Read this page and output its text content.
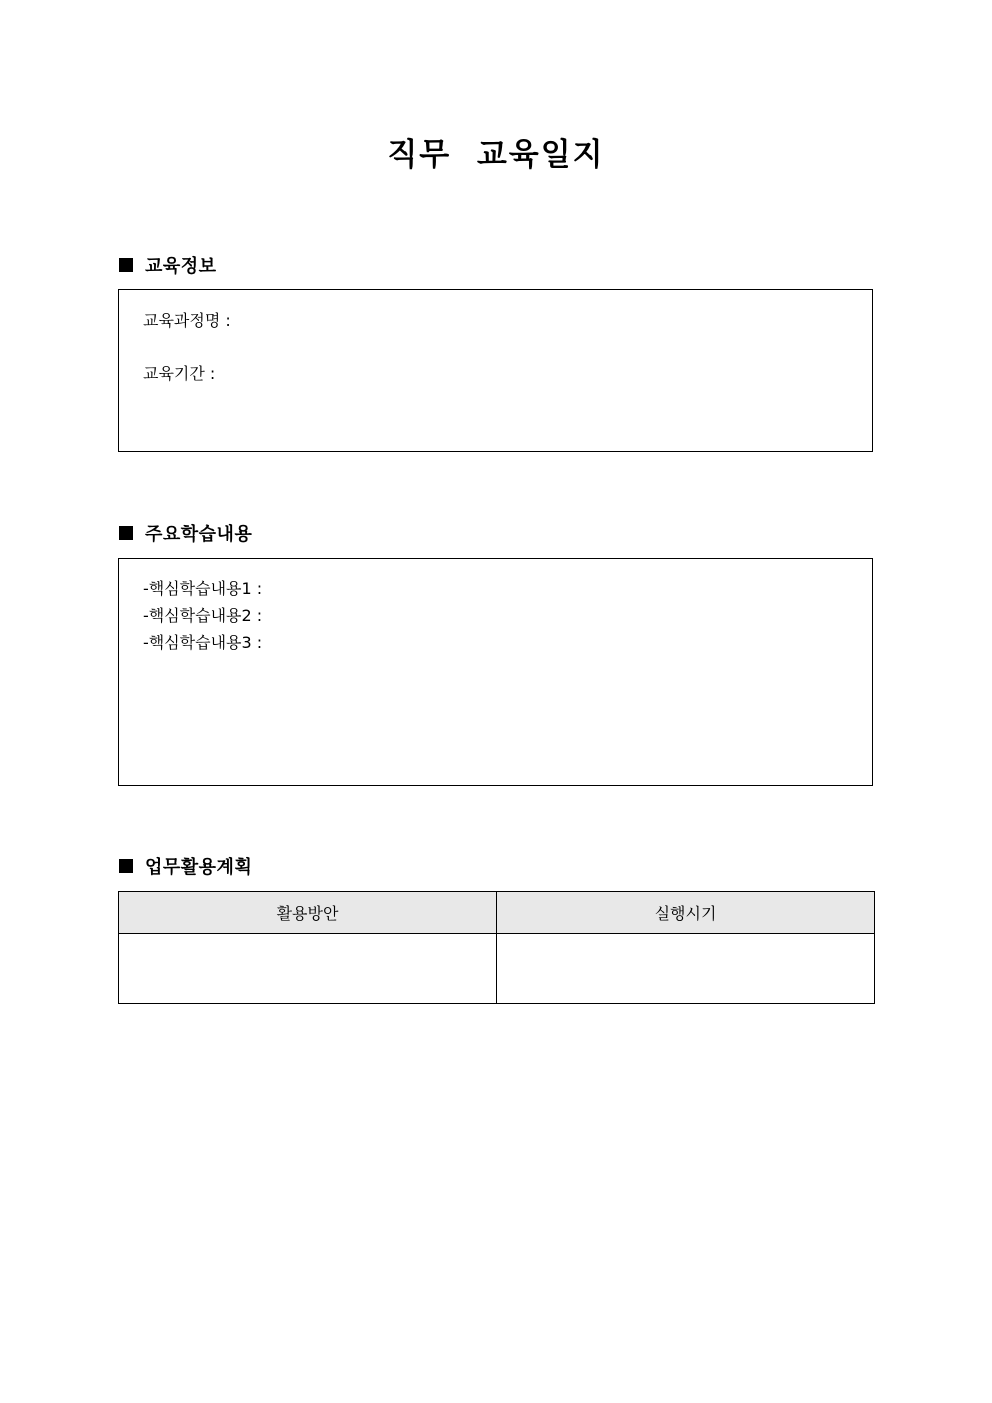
직무  교육일지
교육정보
교육과정명 :
교육기간 :
주요학습내용
-핵심학습내용1 :
-핵심학습내용2 :
-핵심학습내용3 :
업무활용계획
활용방안	실행시기
